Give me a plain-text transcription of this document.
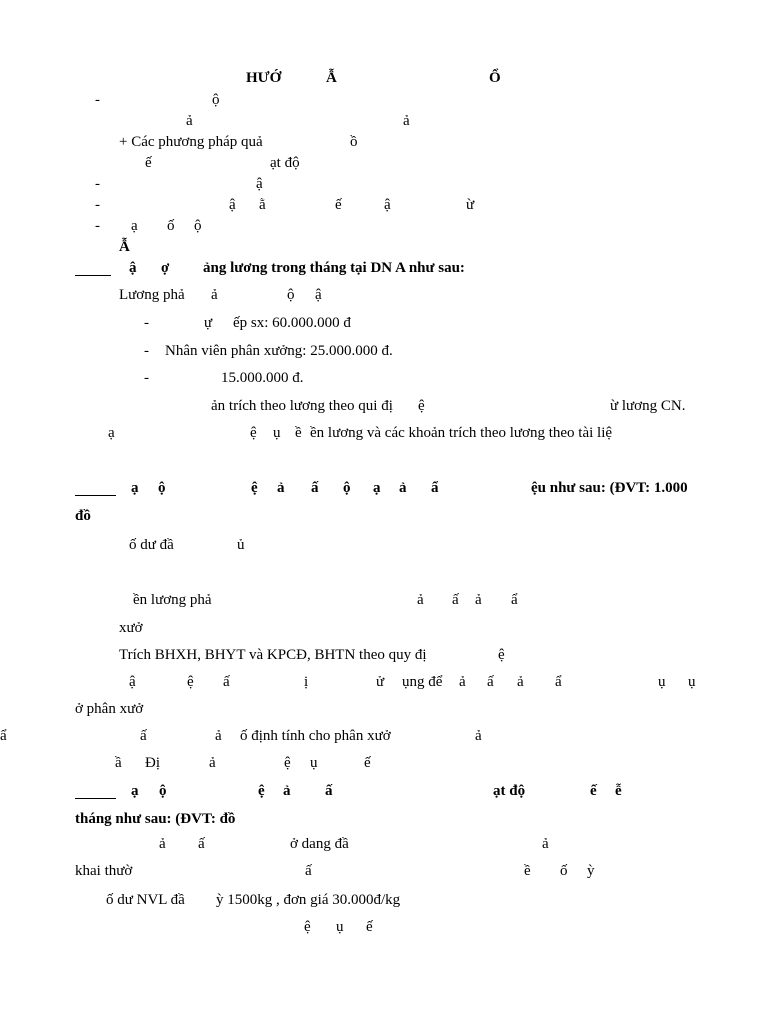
HƯỚ	Ẫ	Ổ
-	ộ
ả	ả
+ Các phương pháp quả	ồ
ế	ạt độ
-	ậ
-	ậ ằ	ế	ậ	ừ
- ạ ố ộ
Ẫ
ậ ợ ảng lương trong tháng tại DN A như sau:
Lương phả ả	ộ ậ
-	ự ếp sx: 60.000.000 đ
- Nhân viên phân xưởng: 25.000.000 đ.
-	15.000.000 đ.
ản trích theo lương theo qui đị ệ	ừ lương CN.
ạ	ệ ụ ề ền lương và các khoản trích theo lương theo tài liệ
ạ ộ	ệ ả ấ ộ ạ ả ẩ	ệu như sau: (ĐVT: 1.000
đồ
ố dư đầ	ủ
ền lương phả	ả ấ ả ẩ
xưở
Trích BHXH, BHYT và KPCĐ, BHTN theo quy đị	ệ
ậ	ệ ấ	ị	ử ụng để ả ấ ả ẩ	ụ ụ
ở phân xưở
ấ	ả ố định tính cho phân xưở	ả
ẩ
ầ Đị	ả	ệ ụ	ế
ạ ộ	ệ ả ấ	ạt độ	ế ễ
tháng như sau: (ĐVT: đồ
ả ấ	ở dang đầ	ả
khai thườ	ấ	ề ố ỳ
ố dư NVL đầ ỳ 1500kg , đơn giá 30.000đ/kg
ệ ụ ế
